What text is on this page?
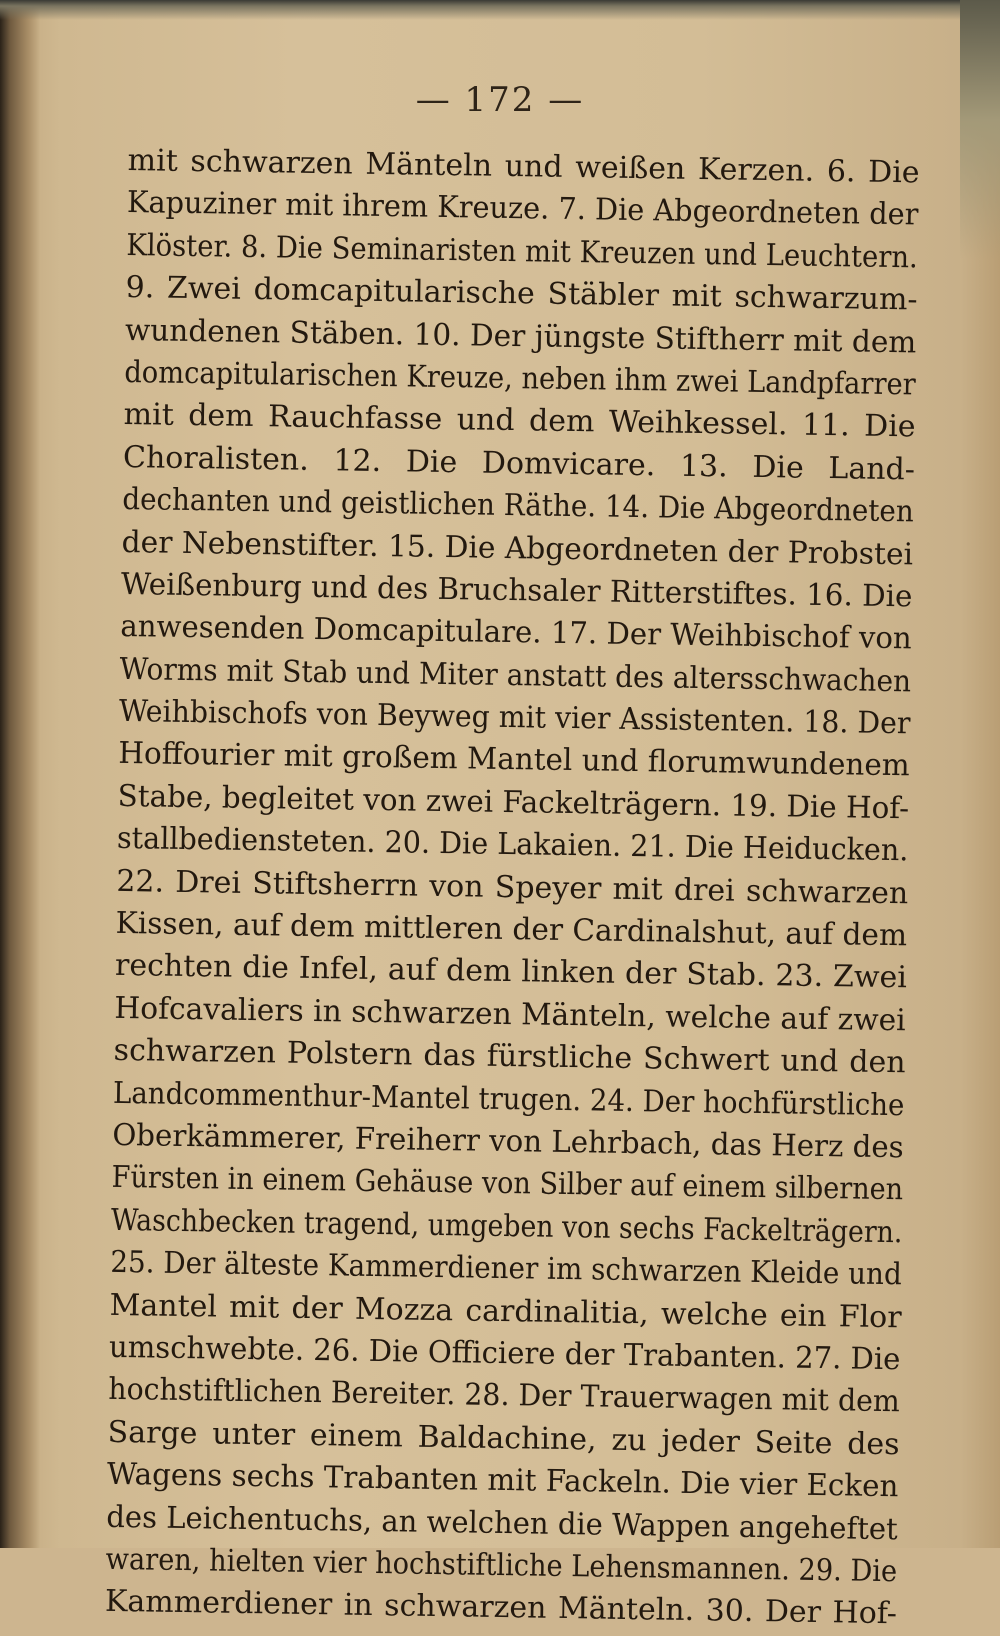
— 172 —
mit schwarzen Mänteln und weißen Kerzen. 6. Die
Kapuziner mit ihrem Kreuze. 7. Die Abgeordneten der
Klöster. 8. Die Seminaristen mit Kreuzen und Leuchtern.
9. Zwei domcapitularische Stäbler mit schwarzum-
wundenen Stäben. 10. Der jüngste Stiftherr mit dem
domcapitularischen Kreuze, neben ihm zwei Landpfarrer
mit dem Rauchfasse und dem Weihkessel. 11. Die
Choralisten. 12. Die Domvicare. 13. Die Land-
dechanten und geistlichen Räthe. 14. Die Abgeordneten
der Nebenstifter. 15. Die Abgeordneten der Probstei
Weißenburg und des Bruchsaler Ritterstiftes. 16. Die
anwesenden Domcapitulare. 17. Der Weihbischof von
Worms mit Stab und Miter anstatt des altersschwachen
Weihbischofs von Beyweg mit vier Assistenten. 18. Der
Hoffourier mit großem Mantel und florumwundenem
Stabe, begleitet von zwei Fackelträgern. 19. Die Hof-
stallbediensteten. 20. Die Lakaien. 21. Die Heiducken.
22. Drei Stiftsherrn von Speyer mit drei schwarzen
Kissen, auf dem mittleren der Cardinalshut, auf dem
rechten die Infel, auf dem linken der Stab. 23. Zwei
Hofcavaliers in schwarzen Mänteln, welche auf zwei
schwarzen Polstern das fürstliche Schwert und den
Landcommenthur-Mantel trugen. 24. Der hochfürstliche
Oberkämmerer, Freiherr von Lehrbach, das Herz des
Fürsten in einem Gehäuse von Silber auf einem silbernen
Waschbecken tragend, umgeben von sechs Fackelträgern.
25. Der älteste Kammerdiener im schwarzen Kleide und
Mantel mit der Mozza cardinalitia, welche ein Flor
umschwebte. 26. Die Officiere der Trabanten. 27. Die
hochstiftlichen Bereiter. 28. Der Trauerwagen mit dem
Sarge unter einem Baldachine, zu jeder Seite des
Wagens sechs Trabanten mit Fackeln. Die vier Ecken
des Leichentuchs, an welchen die Wappen angeheftet
waren, hielten vier hochstiftliche Lehensmannen. 29. Die
Kammerdiener in schwarzen Mänteln. 30. Der Hof-
